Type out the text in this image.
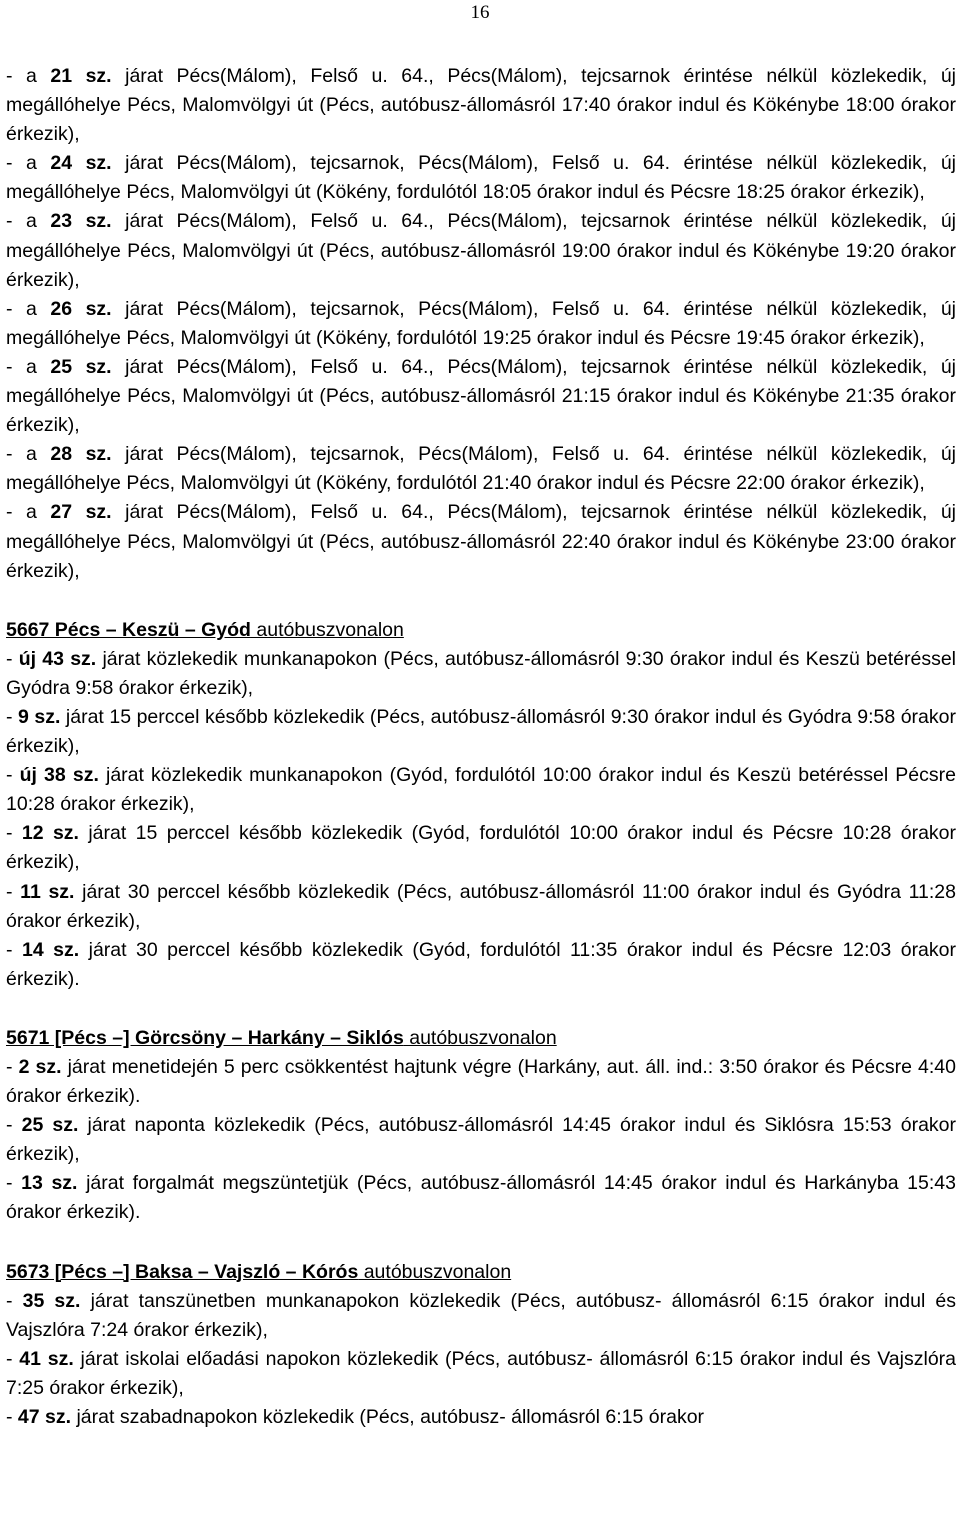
16
- a 21 sz. járat Pécs(Málom), Felső u. 64., Pécs(Málom), tejcsarnok érintése nélkül közlekedik, új megállóhelye Pécs, Malomvölgyi út (Pécs, autóbusz-állomásról 17:40 órakor indul és Kökénybe 18:00 órakor érkezik),
- a 24 sz. járat Pécs(Málom), tejcsarnok, Pécs(Málom), Felső u. 64. érintése nélkül közlekedik, új megállóhelye Pécs, Malomvölgyi út (Kökény, fordulótól 18:05 órakor indul és Pécsre 18:25 órakor érkezik),
- a 23 sz. járat Pécs(Málom), Felső u. 64., Pécs(Málom), tejcsarnok érintése nélkül közlekedik, új megállóhelye Pécs, Malomvölgyi út (Pécs, autóbusz-állomásról 19:00 órakor indul és Kökénybe 19:20 órakor érkezik),
- a 26 sz. járat Pécs(Málom), tejcsarnok, Pécs(Málom), Felső u. 64. érintése nélkül közlekedik, új megállóhelye Pécs, Malomvölgyi út (Kökény, fordulótól 19:25 órakor indul és Pécsre 19:45 órakor érkezik),
- a 25 sz. járat Pécs(Málom), Felső u. 64., Pécs(Málom), tejcsarnok érintése nélkül közlekedik, új megállóhelye Pécs, Malomvölgyi út (Pécs, autóbusz-állomásról 21:15 órakor indul és Kökénybe 21:35 órakor érkezik),
- a 28 sz. járat Pécs(Málom), tejcsarnok, Pécs(Málom), Felső u. 64. érintése nélkül közlekedik, új megállóhelye Pécs, Malomvölgyi út (Kökény, fordulótól 21:40 órakor indul és Pécsre 22:00 órakor érkezik),
- a 27 sz. járat Pécs(Málom), Felső u. 64., Pécs(Málom), tejcsarnok érintése nélkül közlekedik, új megállóhelye Pécs, Malomvölgyi út (Pécs, autóbusz-állomásról 22:40 órakor indul és Kökénybe 23:00 órakor érkezik),
5667 Pécs – Keszü – Gyód autóbuszvonalon
- új 43 sz. járat közlekedik munkanapokon (Pécs, autóbusz-állomásról 9:30 órakor indul és Keszü betéréssel Gyódra 9:58 órakor érkezik),
- 9 sz. járat 15 perccel később közlekedik (Pécs, autóbusz-állomásról 9:30 órakor indul és Gyódra 9:58 órakor érkezik),
- új 38 sz. járat közlekedik munkanapokon (Gyód, fordulótól 10:00 órakor indul és Keszü betéréssel Pécsre 10:28 órakor érkezik),
- 12 sz. járat 15 perccel később közlekedik (Gyód, fordulótól 10:00 órakor indul és Pécsre 10:28 órakor érkezik),
- 11 sz. járat 30 perccel később közlekedik (Pécs, autóbusz-állomásról 11:00 órakor indul és Gyódra 11:28 órakor érkezik),
- 14 sz. járat 30 perccel később közlekedik (Gyód, fordulótól 11:35 órakor indul és Pécsre 12:03 órakor érkezik).
5671 [Pécs –] Görcsöny – Harkány – Siklós autóbuszvonalon
- 2 sz. járat menetidején 5 perc csökkentést hajtunk végre (Harkány, aut. áll. ind.: 3:50 órakor és Pécsre 4:40 órakor érkezik).
- 25 sz. járat naponta közlekedik (Pécs, autóbusz-állomásról 14:45 órakor indul és Siklósra 15:53 órakor érkezik),
- 13 sz. járat forgalmát megszüntetjük (Pécs, autóbusz-állomásról 14:45 órakor indul és Harkányba 15:43 órakor érkezik).
5673 [Pécs –] Baksa – Vajszló – Kórós autóbuszvonalon
- 35 sz. járat tanszünetben munkanapokon közlekedik (Pécs, autóbusz- állomásról 6:15 órakor indul és Vajszlóra 7:24 órakor érkezik),
- 41 sz. járat iskolai előadási napokon közlekedik (Pécs, autóbusz- állomásról 6:15 órakor indul és Vajszlóra 7:25 órakor érkezik),
- 47 sz. járat szabadnapokon közlekedik (Pécs, autóbusz- állomásról 6:15 órakor
